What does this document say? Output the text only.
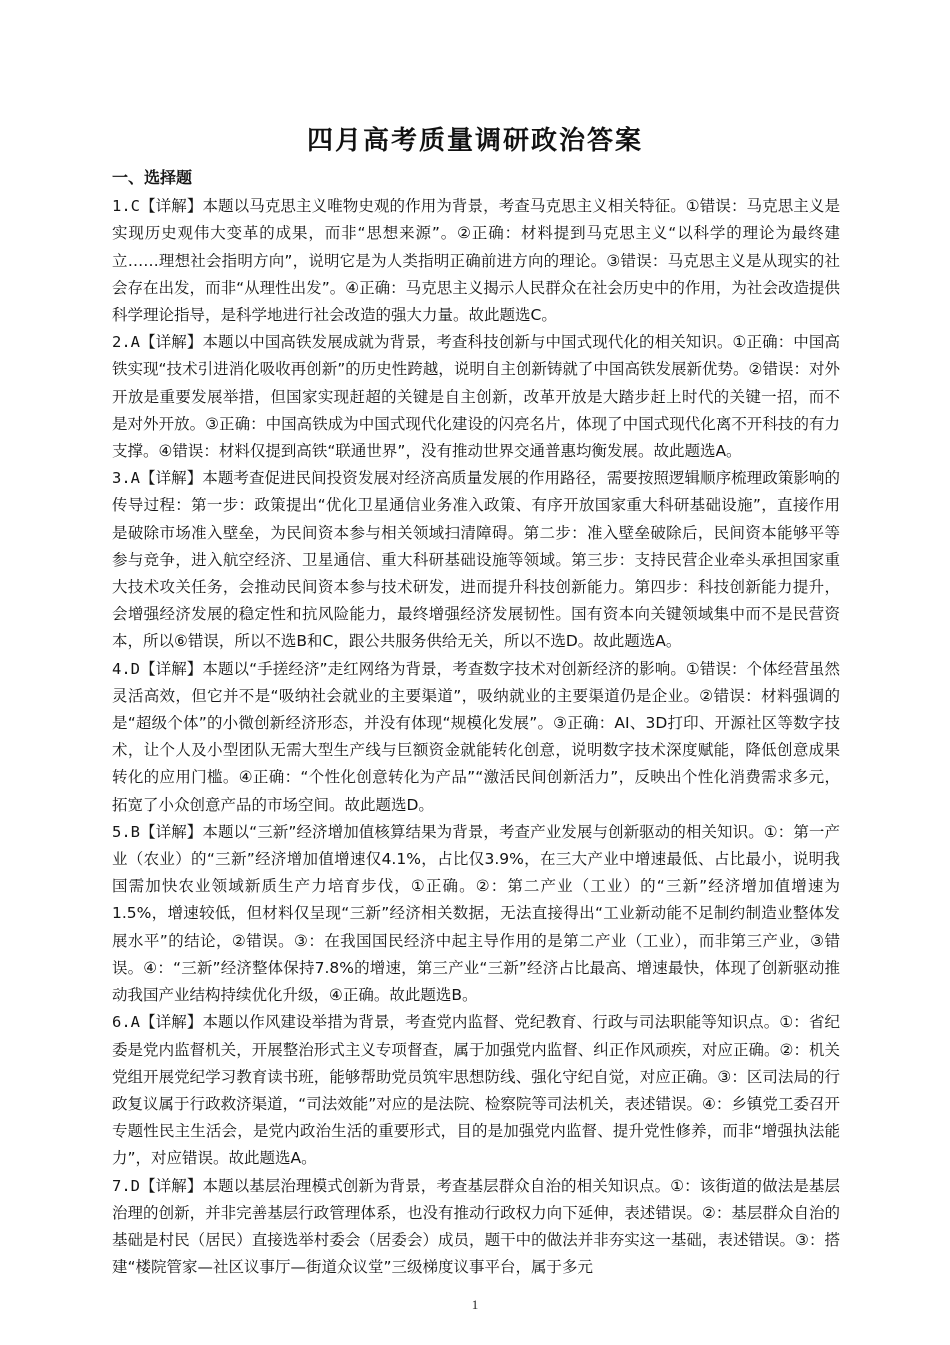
四月高考质量调研政治答案
一、选择题

1.C【详解】本题以马克思主义唯物史观的作用为背景，考查马克思主义相关特征。①错误：马克思主义是实现历史观伟大变革的成果，而非“思想来源”。②正确：材料提到马克思主义“以科学的理论为最终建立……理想社会指明方向”，说明它是为人类指明正确前进方向的理论。③错误：马克思主义是从现实的社会存在出发，而非“从理性出发”。④正确：马克思主义揭示人民群众在社会历史中的作用，为社会改造提供科学理论指导，是科学地进行社会改造的强大力量。故此题选C。

2.A【详解】本题以中国高铁发展成就为背景，考查科技创新与中国式现代化的相关知识。①正确：中国高铁实现“技术引进消化吸收再创新”的历史性跨越，说明自主创新铸就了中国高铁发展新优势。②错误：对外开放是重要发展举措，但国家实现赶超的关键是自主创新，改革开放是大踏步赶上时代的关键一招，而不是对外开放。③正确：中国高铁成为中国式现代化建设的闪亮名片，体现了中国式现代化离不开科技的有力支撑。④错误：材料仅提到高铁“联通世界”，没有推动世界交通普惠均衡发展。故此题选A。

3.A【详解】本题考查促进民间投资发展对经济高质量发展的作用路径，需要按照逻辑顺序梳理政策影响的传导过程：第一步：政策提出“优化卫星通信业务准入政策、有序开放国家重大科研基础设施”，直接作用是破除市场准入壁垒，为民间资本参与相关领域扫清障碍。第二步：准入壁垒破除后，民间资本能够平等参与竞争，进入航空经济、卫星通信、重大科研基础设施等领域。第三步：支持民营企业牵头承担国家重大技术攻关任务，会推动民间资本参与技术研发，进而提升科技创新能力。第四步：科技创新能力提升，会增强经济发展的稳定性和抗风险能力，最终增强经济发展韧性。国有资本向关键领域集中而不是民营资本，所以⑥错误，所以不选B和C，跟公共服务供给无关，所以不选D。故此题选A。

4.D【详解】本题以“手搓经济”走红网络为背景，考查数字技术对创新经济的影响。①错误：个体经营虽然灵活高效，但它并不是“吸纳社会就业的主要渠道”，吸纳就业的主要渠道仍是企业。②错误：材料强调的是“超级个体”的小微创新经济形态，并没有体现“规模化发展”。③正确：AI、3D打印、开源社区等数字技术，让个人及小型团队无需大型生产线与巨额资金就能转化创意，说明数字技术深度赋能，降低创意成果转化的应用门槛。④正确：“个性化创意转化为产品”“激活民间创新活力”，反映出个性化消费需求多元，拓宽了小众创意产品的市场空间。故此题选D。

5.B【详解】本题以“三新”经济增加值核算结果为背景，考查产业发展与创新驱动的相关知识。①：第一产业（农业）的“三新”经济增加值增速仅4.1%，占比仅3.9%，在三大产业中增速最低、占比最小，说明我国需加快农业领域新质生产力培育步伐，①正确。②：第二产业（工业）的“三新”经济增加值增速为1.5%，增速较低，但材料仅呈现“三新”经济相关数据，无法直接得出“工业新动能不足制约制造业整体发展水平”的结论，②错误。③：在我国国民经济中起主导作用的是第二产业（工业），而非第三产业，③错误。④：“三新”经济整体保持7.8%的增速，第三产业“三新”经济占比最高、增速最快，体现了创新驱动推动我国产业结构持续优化升级，④正确。故此题选B。

6.A【详解】本题以作风建设举措为背景，考查党内监督、党纪教育、行政与司法职能等知识点。①：省纪委是党内监督机关，开展整治形式主义专项督查，属于加强党内监督、纠正作风顽疾，对应正确。②：机关党组开展党纪学习教育读书班，能够帮助党员筑牢思想防线、强化守纪自觉，对应正确。③：区司法局的行政复议属于行政救济渠道，“司法效能”对应的是法院、检察院等司法机关，表述错误。④：乡镇党工委召开专题性民主生活会，是党内政治生活的重要形式，目的是加强党内监督、提升党性修养，而非“增强执法能力”，对应错误。故此题选A。

7.D【详解】本题以基层治理模式创新为背景，考查基层群众自治的相关知识点。①：该街道的做法是基层治理的创新，并非完善基层行政管理体系，也没有推动行政权力向下延伸，表述错误。②：基层群众自治的基础是村民（居民）直接选举村委会（居委会）成员，题干中的做法并非夯实这一基础，表述错误。③：搭建“楼院管家—社区议事厅—街道众议堂”三级梯度议事平台，属于多元

1
